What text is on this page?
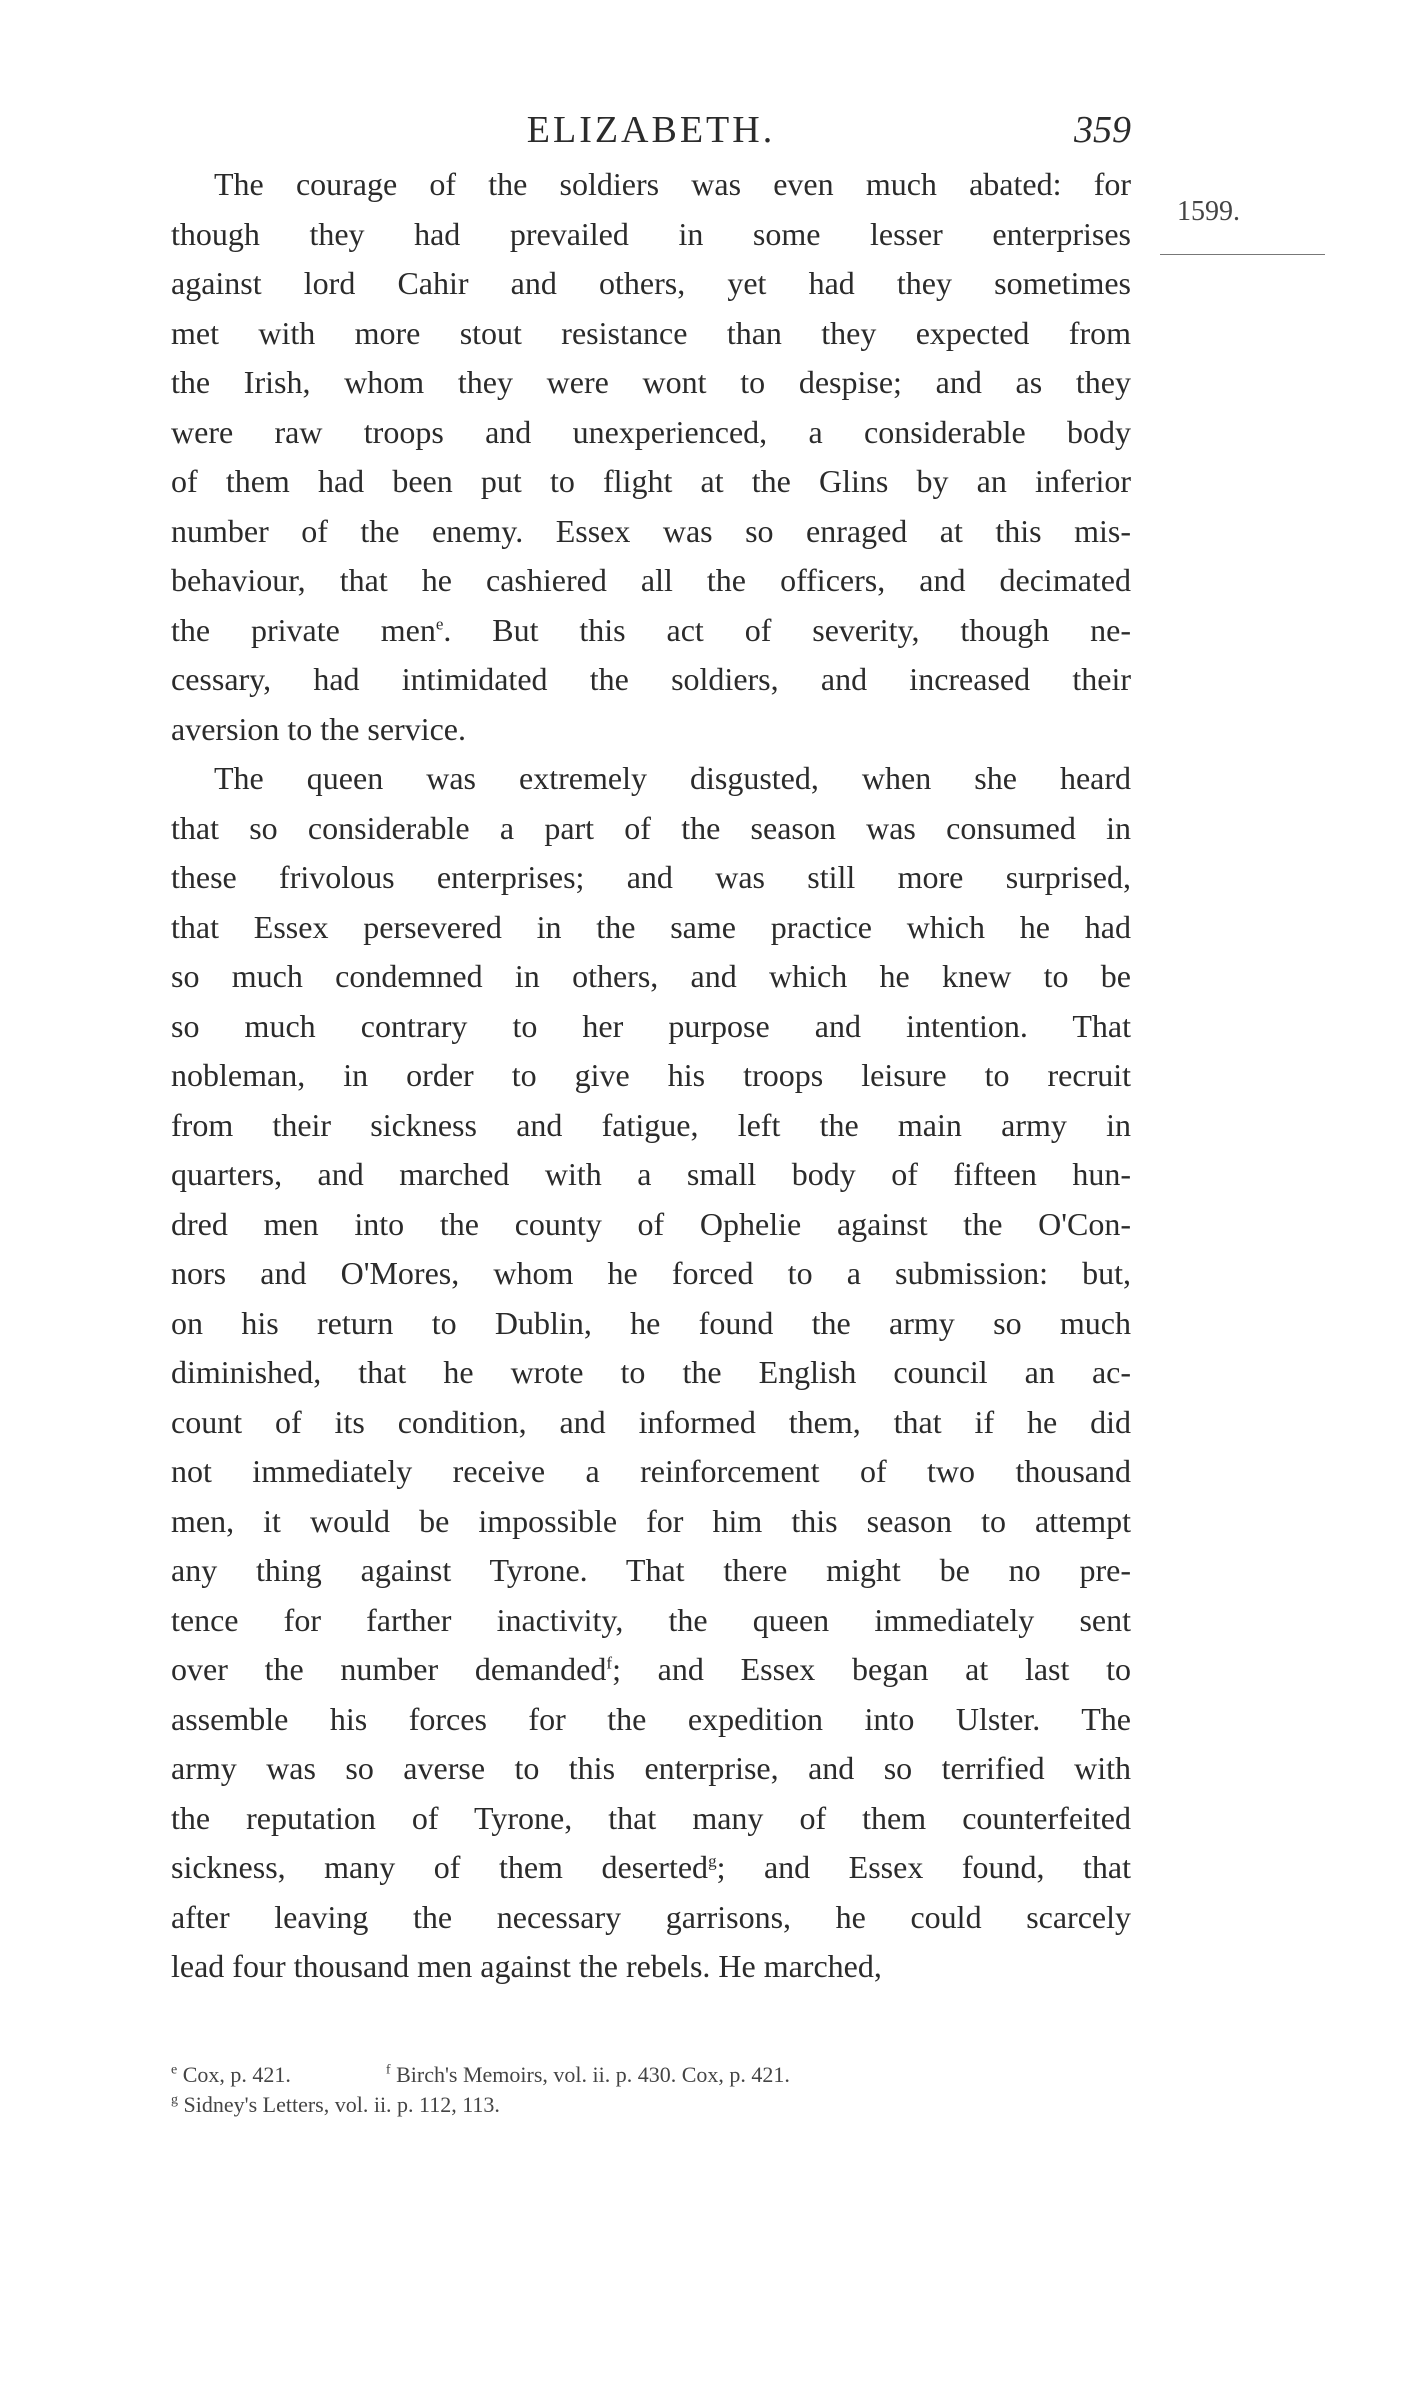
ELIZABETH.	359
1599.
The courage of the soldiers was even much abated: for
though they had prevailed in some lesser enterprises
against lord Cahir and others, yet had they sometimes
met with more stout resistance than they expected from
the Irish, whom they were wont to despise; and as they
were raw troops and unexperienced, a considerable body
of them had been put to flight at the Glins by an inferior
number of the enemy. Essex was so enraged at this mis-
behaviour, that he cashiered all the officers, and decimated
the private men$^e$. But this act of severity, though ne-
cessary, had intimidated the soldiers, and increased their
aversion to the service.
The queen was extremely disgusted, when she heard
that so considerable a part of the season was consumed in
these frivolous enterprises; and was still more surprised,
that Essex persevered in the same practice which he had
so much condemned in others, and which he knew to be
so much contrary to her purpose and intention. That
nobleman, in order to give his troops leisure to recruit
from their sickness and fatigue, left the main army in
quarters, and marched with a small body of fifteen hun-
dred men into the county of Ophelie against the O'Con-
nors and O'Mores, whom he forced to a submission: but,
on his return to Dublin, he found the army so much
diminished, that he wrote to the English council an ac-
count of its condition, and informed them, that if he did
not immediately receive a reinforcement of two thousand
men, it would be impossible for him this season to attempt
any thing against Tyrone. That there might be no pre-
tence for farther inactivity, the queen immediately sent
over the number demanded$^f$; and Essex began at last to
assemble his forces for the expedition into Ulster. The
army was so averse to this enterprise, and so terrified with
the reputation of Tyrone, that many of them counterfeited
sickness, many of them deserted$^g$; and Essex found, that
after leaving the necessary garrisons, he could scarcely
lead four thousand men against the rebels. He marched,
$^e$ Cox, p. 421.	$^f$ Birch's Memoirs, vol. ii. p. 430. Cox, p. 421.
$^g$ Sidney's Letters, vol. ii. p. 112, 113.
